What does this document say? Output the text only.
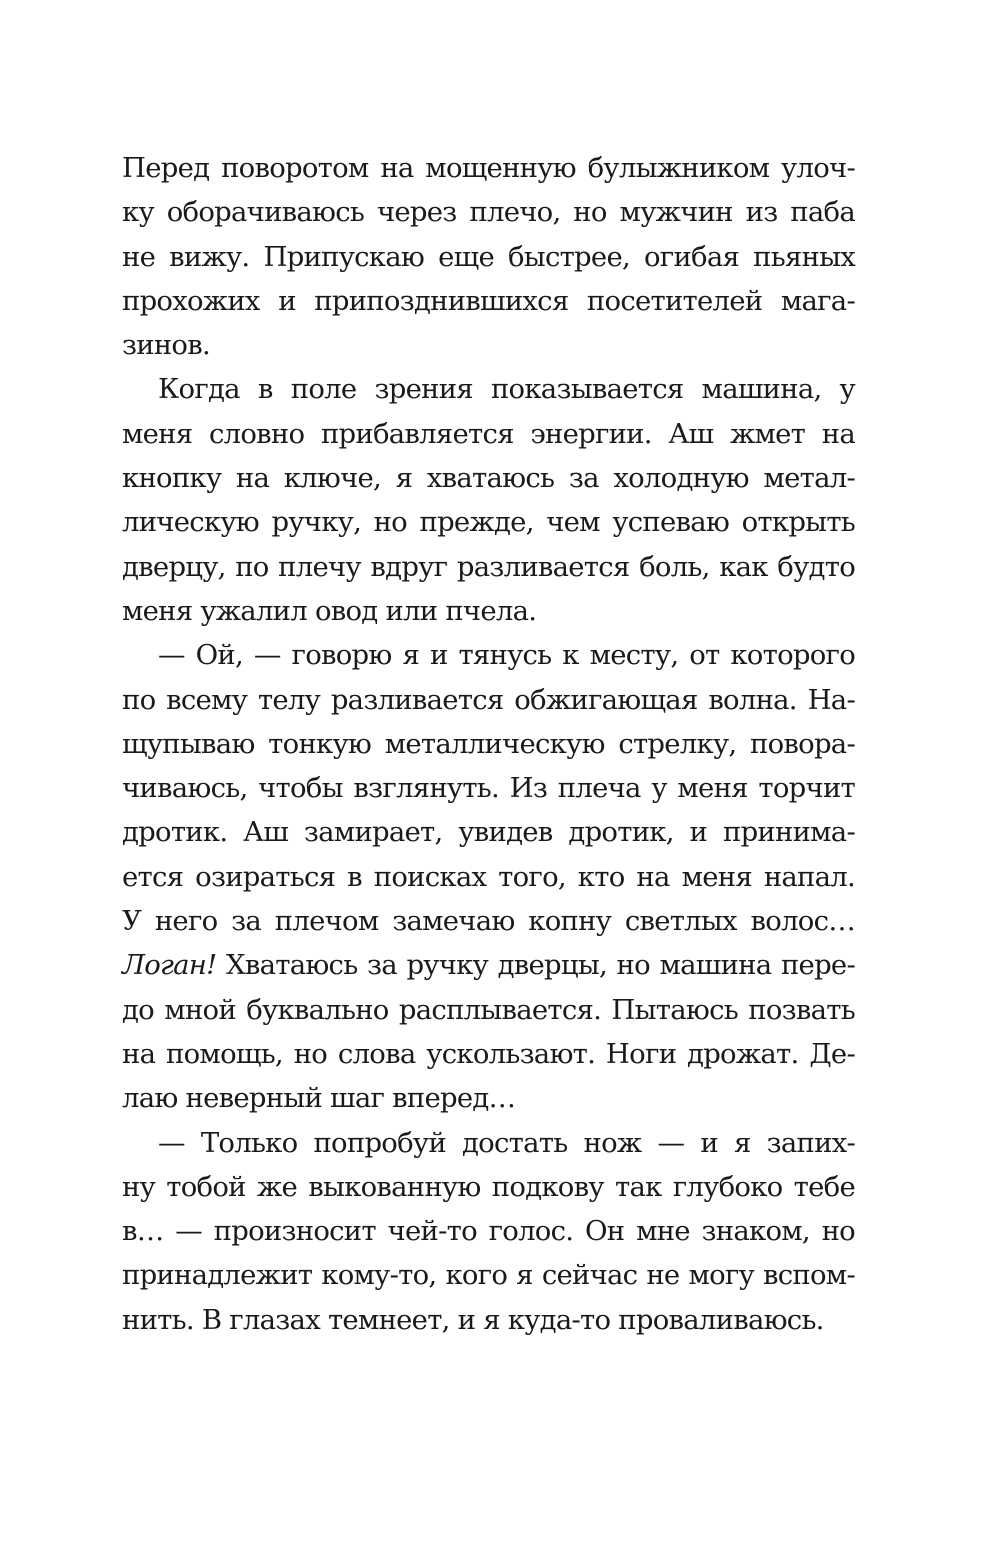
Перед поворотом на мощенную булыжником улоч-
ку оборачиваюсь через плечо, но мужчин из паба
не вижу. Припускаю еще быстрее, огибая пьяных
прохожих и припозднившихся посетителей мага-
зинов.
Когда в поле зрения показывается машина, у
меня словно прибавляется энергии. Аш жмет на
кнопку на ключе, я хватаюсь за холодную метал-
лическую ручку, но прежде, чем успеваю открыть
дверцу, по плечу вдруг разливается боль, как будто
меня ужалил овод или пчела.
— Ой, — говорю я и тянусь к месту, от которого
по всему телу разливается обжигающая волна. На-
щупываю тонкую металлическую стрелку, повора-
чиваюсь, чтобы взглянуть. Из плеча у меня торчит
дротик. Аш замирает, увидев дротик, и принима-
ется озираться в поисках того, кто на меня напал.
У него за плечом замечаю копну светлых волос…
Логан! Хватаюсь за ручку дверцы, но машина пере-
до мной буквально расплывается. Пытаюсь позвать
на помощь, но слова ускользают. Ноги дрожат. Де-
лаю неверный шаг вперед…
— Только попробуй достать нож — и я запих-
ну тобой же выкованную подкову так глубоко тебе
в… — произносит чей-то голос. Он мне знаком, но
принадлежит кому-то, кого я сейчас не могу вспом-
нить. В глазах темнеет, и я куда-то проваливаюсь.
